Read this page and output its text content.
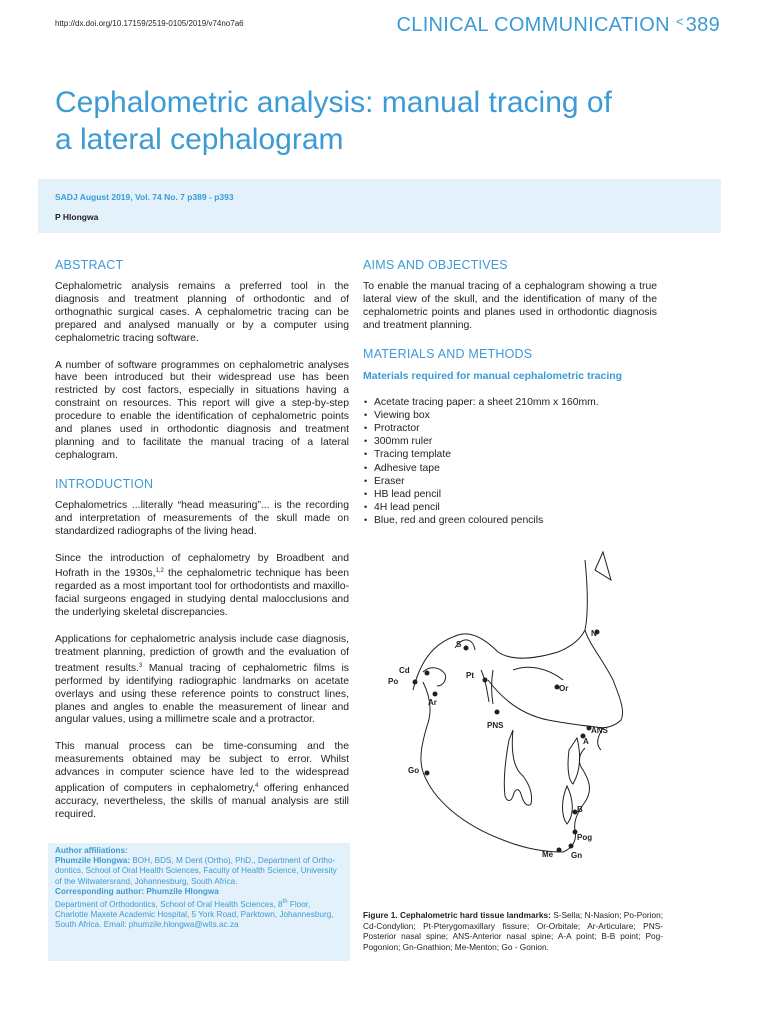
http://dx.doi.org/10.17159/2519-0105/2019/v74no7a6	CLINICAL COMMUNICATION < 389
Cephalometric analysis: manual tracing of a lateral cephalogram
SADJ August 2019, Vol. 74 No. 7 p389 - p393
P Hlongwa
ABSTRACT

Cephalometric analysis remains a preferred tool in the diagnosis and treatment planning of orthodontic and of orthognathic surgical cases. A cephalometric tracing can be prepared and analysed manually or by a computer using cephalometric tracing software.

A number of software programmes on cephalometric analyses have been introduced but their widespread use has been restricted by cost factors, especially in situations having a constraint on resources. This report will give a step-by-step procedure to enable the identification of cephalometric points and planes used in orthodontic diagnosis and treatment planning and to facilitate the manual tracing of a lateral cephalogram.

INTRODUCTION

Cephalometrics ...literally “head measuring”... is the recording and interpretation of measurements of the skull made on standardized radiographs of the living head.

Since the introduction of cephalometry by Broadbent and Hofrath in the 1930s,$^{1,2}$ the cephalometric technique has been regarded as a most important tool for orthodontists and maxillo-facial surgeons engaged in studying dental malocclusions and the underlying skeletal discrepancies.

Applications for cephalometric analysis include case diagnosis, treatment planning, prediction of growth and the evaluation of treatment results.$^3$ Manual tracing of cephalometric films is performed by identifying radiographic landmarks on acetate overlays and using these reference points to construct lines, planes and angles to enable the measurement of linear and angular values, using a millimetre scale and a protractor.

This manual process can be time-consuming and the measurements obtained may be subject to error. Whilst advances in computer science have led to the widespread application of computers in cephalometry,$^4$ offering enhanced accuracy, nevertheless, the skills of manual analysis are still required.

Author affiliations:
Phumzile Hlongwa: BOH, BDS, M Dent (Ortho), PhD., Department of Ortho-dontics, School of Oral Health Sciences, Faculty of Health Science, University of the Witwatersrand, Johannesburg, South Africa.
Corresponding author: Phumzile Hlongwa
Department of Orthodontics, School of Oral Health Sciences, 8th Floor, Charlotte Maxete Academic Hospital, 5 York Road, Parktown, Johannesburg, South Africa. Email: phumzile.hlongwa@wits.ac.za
AIMS AND OBJECTIVES

To enable the manual tracing of a cephalogram showing a true lateral view of the skull, and the identification of many of the cephalometric points and planes used in orthodontic diagnosis and treatment planning.

MATERIALS AND METHODS
Materials required for manual cephalometric tracing
• Acetate tracing paper: a sheet 210mm x 160mm.
• Viewing box
• Protractor
• 300mm ruler
• Tracing template
• Adhesive tape
• Eraser
• HB lead pencil
• 4H lead pencil
• Blue, red and green coloured pencils
S
N
Cd
Po
Pt
Or
Ar
PNS
ANS
A
Go
B
Pog
Me Gn
Figure 1. Cephalometric hard tissue landmarks: S-Sella; N-Nasion; Po-Porion; Cd-Condylion; Pt-Pterygomaxillary fissure; Or-Orbitale; Ar-Articulare; PNS-Posterior nasal spine; ANS-Anterior nasal spine; A-A point; B-B point; Pog-Pogonion; Gn-Gnathion; Me-Menton; Go - Gonion.
